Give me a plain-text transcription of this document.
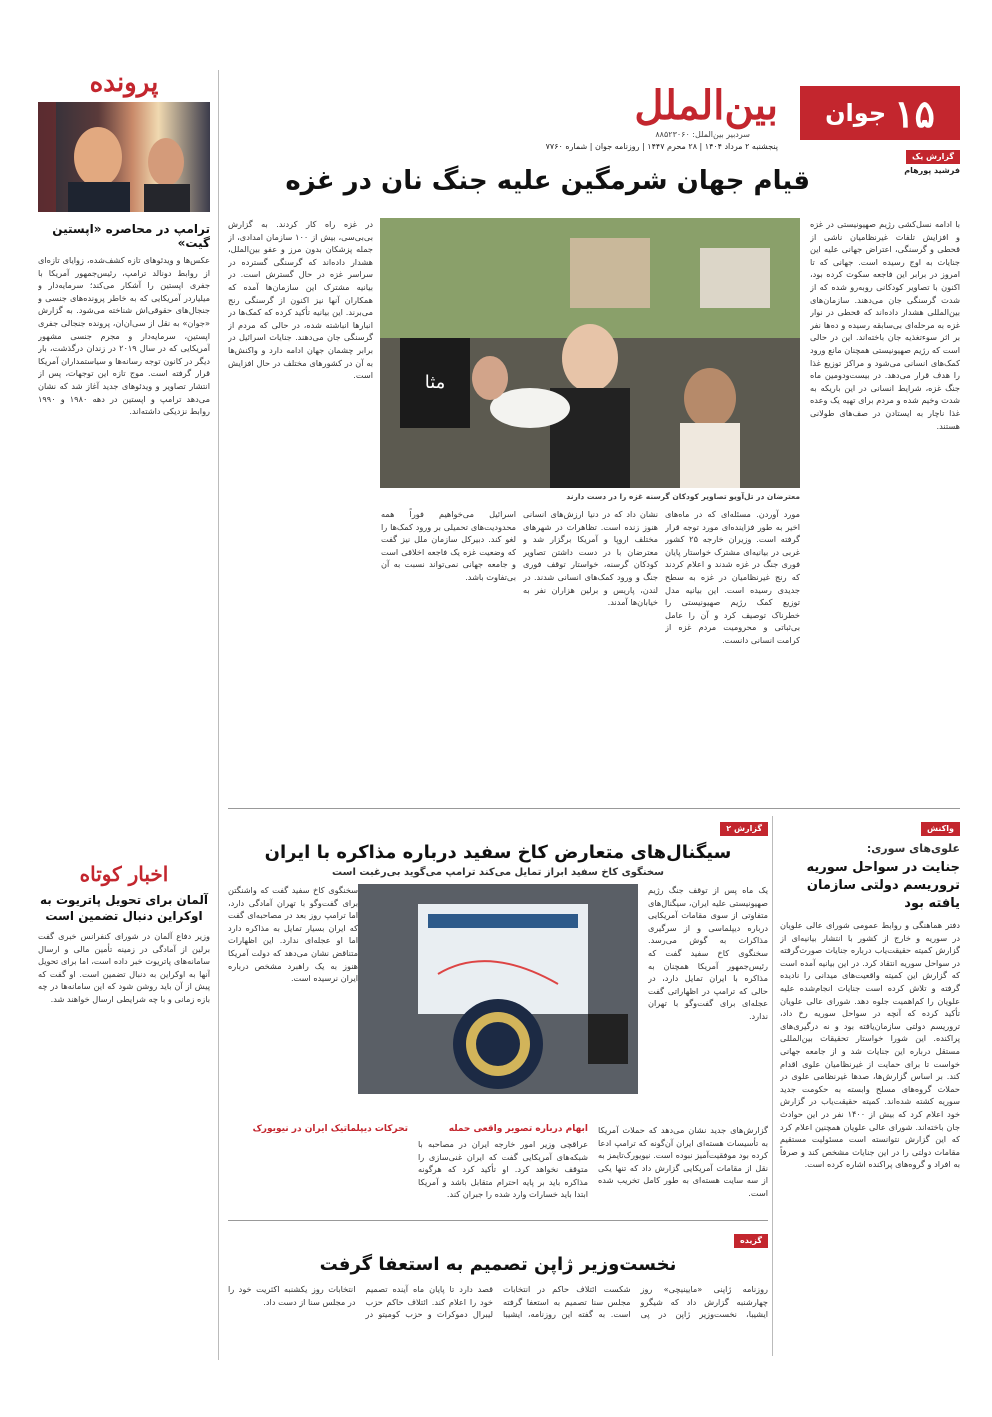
۱۵
جوان
بین‌الملل
سردبیر بین‌الملل: ۸۸۵۲۳۰۶۰
پنجشنبه ۲ مرداد ۱۴۰۴ | ۲۸ محرم ۱۴۴۷ | روزنامه جوان | شماره ۷۷۶۰
پرونده
ترامپ در محاصره «اپستین گیت»
عکس‌ها و ویدئوهای تازه کشف‌شده، زوایای تازه‌ای از روابط دونالد ترامپ، رئیس‌جمهور آمریکا با جفری اپستین را آشکار می‌کند؛ سرمایه‌دار و میلیاردر آمریکایی که به خاطر پرونده‌های جنسی و جنجال‌های حقوقی‌اش شناخته می‌شود. به گزارش «جوان» به نقل از سی‌ان‌ان، پرونده جنجالی جفری اپستین، سرمایه‌دار و مجرم جنسی مشهور آمریکایی که در سال ۲۰۱۹ در زندان درگذشت، بار دیگر در کانون توجه رسانه‌ها و سیاستمداران آمریکا قرار گرفته است. موج تازه این توجهات، پس از انتشار تصاویر و ویدئوهای جدید آغاز شد که نشان می‌دهد ترامپ و اپستین در دهه ۱۹۸۰ و ۱۹۹۰ روابط نزدیکی داشته‌اند.
اخبار کوتاه
آلمان برای تحویل پاتریوت به اوکراین دنبال تضمین است
وزیر دفاع آلمان در شورای کنفرانس خبری گفت برلین از آمادگی در زمینه تأمین مالی و ارسال سامانه‌های پاتریوت خبر داده است، اما برای تحویل آنها به اوکراین به دنبال تضمین است. او گفت که پیش از آن باید روشن شود که این سامانه‌ها در چه بازه زمانی و با چه شرایطی ارسال خواهند شد.
گزارش یک
فرشید پورهام
قیام جهان شرمگین علیه جنگ نان در غزه
با ادامه نسل‌کشی رژیم صهیونیستی در غزه و افزایش تلفات غیرنظامیان ناشی از قحطی و گرسنگی، اعتراض جهانی علیه این جنایات به اوج رسیده است. جهانی که تا امروز در برابر این فاجعه سکوت کرده بود، اکنون با تصاویر کودکانی روبه‌رو شده که از شدت گرسنگی جان می‌دهند. سازمان‌های بین‌المللی هشدار داده‌اند که قحطی در نوار غزه به مرحله‌ای بی‌سابقه رسیده و ده‌ها نفر بر اثر سوءتغذیه جان باخته‌اند. این در حالی است که رژیم صهیونیستی همچنان مانع ورود کمک‌های انسانی می‌شود و مراکز توزیع غذا را هدف قرار می‌دهد. در بیست‌و‌دومین ماه جنگ غزه، شرایط انسانی در این باریکه به شدت وخیم شده و مردم برای تهیه یک وعده غذا ناچار به ایستادن در صف‌های طولانی هستند.
مثا
معترضان در تل‌آویو تصاویر کودکان گرسنه غزه را در دست دارند
در غزه راه کار کردند. به گزارش بی‌بی‌سی، بیش از ۱۰۰ سازمان امدادی، از جمله پزشکان بدون مرز و عفو بین‌الملل، هشدار داده‌اند که گرسنگی گسترده در سراسر غزه در حال گسترش است. در بیانیه مشترک این سازمان‌ها آمده که همکاران آنها نیز اکنون از گرسنگی رنج می‌برند. این بیانیه تأکید کرده که کمک‌ها در انبارها انباشته شده، در حالی که مردم از گرسنگی جان می‌دهند. جنایات اسرائیل در برابر چشمان جهان ادامه دارد و واکنش‌ها به آن در کشورهای مختلف در حال افزایش است.
مورد آوردن. مسئله‌ای که در ماه‌های اخیر به طور فزاینده‌ای مورد توجه قرار گرفته است. وزیران خارجه ۲۵ کشور غربی در بیانیه‌ای مشترک خواستار پایان فوری جنگ در غزه شدند و اعلام کردند که رنج غیرنظامیان در غزه به سطح جدیدی رسیده است. این بیانیه مدل توزیع کمک رژیم صهیونیستی را خطرناک توصیف کرد و آن را عامل بی‌ثباتی و محرومیت مردم غزه از کرامت انسانی دانست.
نشان داد که در دنیا ارزش‌های انسانی هنوز زنده است. تظاهرات در شهرهای مختلف اروپا و آمریکا برگزار شد و معترضان با در دست داشتن تصاویر کودکان گرسنه، خواستار توقف فوری جنگ و ورود کمک‌های انسانی شدند. در لندن، پاریس و برلین هزاران نفر به خیابان‌ها آمدند.
اسرائیل می‌خواهیم فوراً همه محدودیت‌های تحمیلی بر ورود کمک‌ها را لغو کند. دبیرکل سازمان ملل نیز گفت که وضعیت غزه یک فاجعه اخلاقی است و جامعه جهانی نمی‌تواند نسبت به آن بی‌تفاوت باشد.
واکنش
علوی‌های سوری:
جنایت در سواحل سوریه تروریسم دولتی سازمان یافته بود
دفتر هماهنگی و روابط عمومی شورای عالی علویان در سوریه و خارج از کشور با انتشار بیانیه‌ای از گزارش کمیته حقیقت‌یاب درباره جنایات صورت‌گرفته در سواحل سوریه انتقاد کرد. در این بیانیه آمده است که گزارش این کمیته واقعیت‌های میدانی را نادیده گرفته و تلاش کرده است جنایات انجام‌شده علیه علویان را کم‌اهمیت جلوه دهد. شورای عالی علویان تأکید کرده که آنچه در سواحل سوریه رخ داد، تروریسم دولتی سازمان‌یافته بود و نه درگیری‌های پراکنده. این شورا خواستار تحقیقات بین‌المللی مستقل درباره این جنایات شد و از جامعه جهانی خواست تا برای حمایت از غیرنظامیان علوی اقدام کند. بر اساس گزارش‌ها، صدها غیرنظامی علوی در حملات گروه‌های مسلح وابسته به حکومت جدید سوریه کشته شده‌اند. کمیته حقیقت‌یاب در گزارش خود اعلام کرد که بیش از ۱۴۰۰ نفر در این حوادث جان باخته‌اند. شورای عالی علویان همچنین اعلام کرد که این گزارش نتوانسته است مسئولیت مستقیم مقامات دولتی را در این جنایات مشخص کند و صرفاً به افراد و گروه‌های پراکنده اشاره کرده است.
گزارش ۲
سیگنال‌های متعارض کاخ سفید درباره مذاکره با ایران
سخنگوی کاخ سفید ابراز تمایل می‌کند ترامپ می‌گوید بی‌رغبت است
یک ماه پس از توقف جنگ رژیم صهیونیستی علیه ایران، سیگنال‌های متفاوتی از سوی مقامات آمریکایی درباره دیپلماسی و از سرگیری مذاکرات به گوش می‌رسد. سخنگوی کاخ سفید گفت که رئیس‌جمهور آمریکا همچنان به مذاکره با ایران تمایل دارد، در حالی که ترامپ در اظهاراتی گفت عجله‌ای برای گفت‌وگو با تهران ندارد.
سخنگوی کاخ سفید گفت که واشنگتن برای گفت‌وگو با تهران آمادگی دارد، اما ترامپ روز بعد در مصاحبه‌ای گفت که ایران بسیار تمایل به مذاکره دارد اما او عجله‌ای ندارد. این اظهارات متناقض نشان می‌دهد که دولت آمریکا هنوز به یک راهبرد مشخص درباره ایران نرسیده است.
گزارش‌های جدید نشان می‌دهد که حملات آمریکا به تأسیسات هسته‌ای ایران آن‌گونه که ترامپ ادعا کرده بود موفقیت‌آمیز نبوده است. نیویورک‌تایمز به نقل از مقامات آمریکایی گزارش داد که تنها یکی از سه سایت هسته‌ای به طور کامل تخریب شده است.
ابهام درباره تصویر واقعی حمله
عراقچی وزیر امور خارجه ایران در مصاحبه با شبکه‌های آمریکایی گفت که ایران غنی‌سازی را متوقف نخواهد کرد. او تأکید کرد که هرگونه مذاکره باید بر پایه احترام متقابل باشد و آمریکا ابتدا باید خسارات وارد شده را جبران کند.
تحرکات دیپلماتیک ایران در نیویورک
گزیده
نخست‌وزیر ژاپن تصمیم به استعفا گرفت
روزنامه ژاپنی «مایینیچی» روز چهارشنبه گزارش داد که شیگرو ایشیبا، نخست‌وزیر ژاپن در پی شکست ائتلاف حاکم در انتخابات مجلس سنا تصمیم به استعفا گرفته است. به گفته این روزنامه، ایشیبا قصد دارد تا پایان ماه آینده تصمیم خود را اعلام کند. ائتلاف حاکم حزب لیبرال دموکرات و حزب کومیتو در انتخابات روز یکشنبه اکثریت خود را در مجلس سنا از دست داد.
